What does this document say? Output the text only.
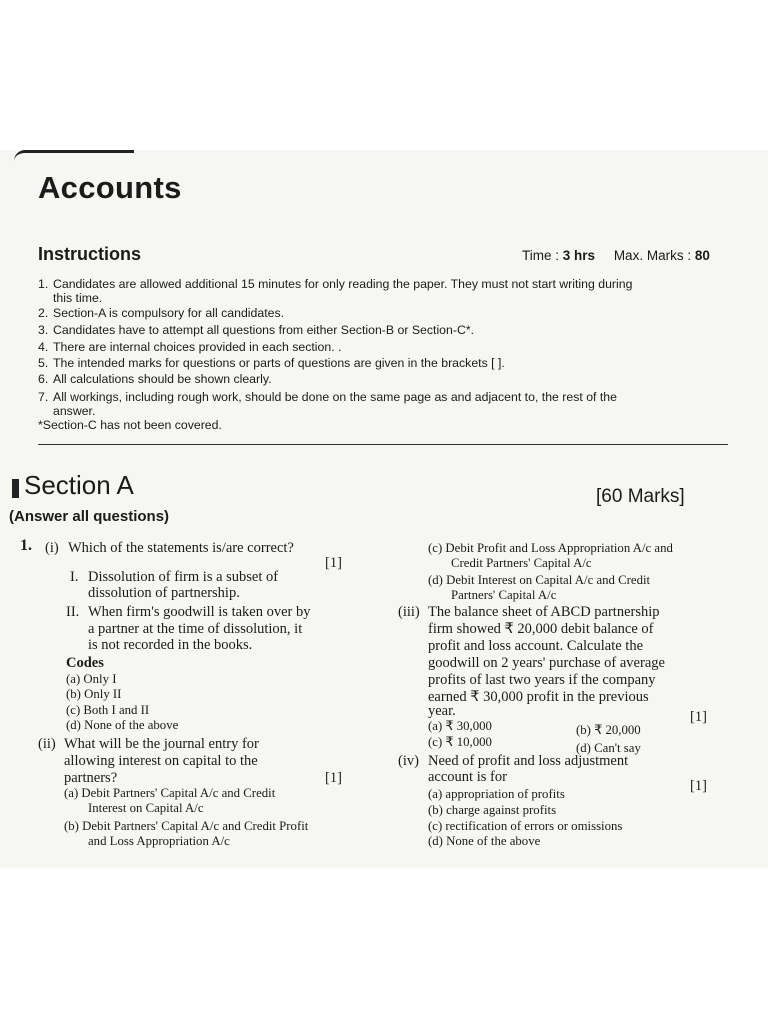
Accounts
Instructions	Time : 3 hrs Max. Marks : 80
1. Candidates are allowed additional 15 minutes for only reading the paper. They must not start writing during
this time.
2. Section-A is compulsory for all candidates.
3. Candidates have to attempt all questions from either Section-B or Section-C*.
4. There are internal choices provided in each section. .
5. The intended marks for questions or parts of questions are given in the brackets [ ].
6. All calculations should be shown clearly.
7. All workings, including rough work, should be done on the same page as and adjacent to, the rest of the
answer.
*Section-C has not been covered.
Section A	[60 Marks]
(Answer all questions)
1. (i) Which of the statements is/are correct?
[1]
I. Dissolution of firm is a subset of
dissolution of partnership.
II. When firm's goodwill is taken over by
a partner at the time of dissolution, it
is not recorded in the books.
Codes
(a) Only I
(b) Only II
(c) Both I and II
(d) None of the above
(ii) What will be the journal entry for
allowing interest on capital to the
partners?	[1]
(a) Debit Partners' Capital A/c and Credit
Interest on Capital A/c
(b) Debit Partners' Capital A/c and Credit Profit
and Loss Appropriation A/c
(c) Debit Profit and Loss Appropriation A/c and
Credit Partners' Capital A/c
(d) Debit Interest on Capital A/c and Credit
Partners' Capital A/c
(iii) The balance sheet of ABCD partnership
firm showed ₹ 20,000 debit balance of
profit and loss account. Calculate the
goodwill on 2 years' purchase of average
profits of last two years if the company
earned ₹ 30,000 profit in the previous
year.	[1]
(a) ₹ 30,000	(b) ₹ 20,000
(c) ₹ 10,000	(d) Can't say
(iv) Need of profit and loss adjustment
account is for
[1]
(a) appropriation of profits
(b) charge against profits
(c) rectification of errors or omissions
(d) None of the above
